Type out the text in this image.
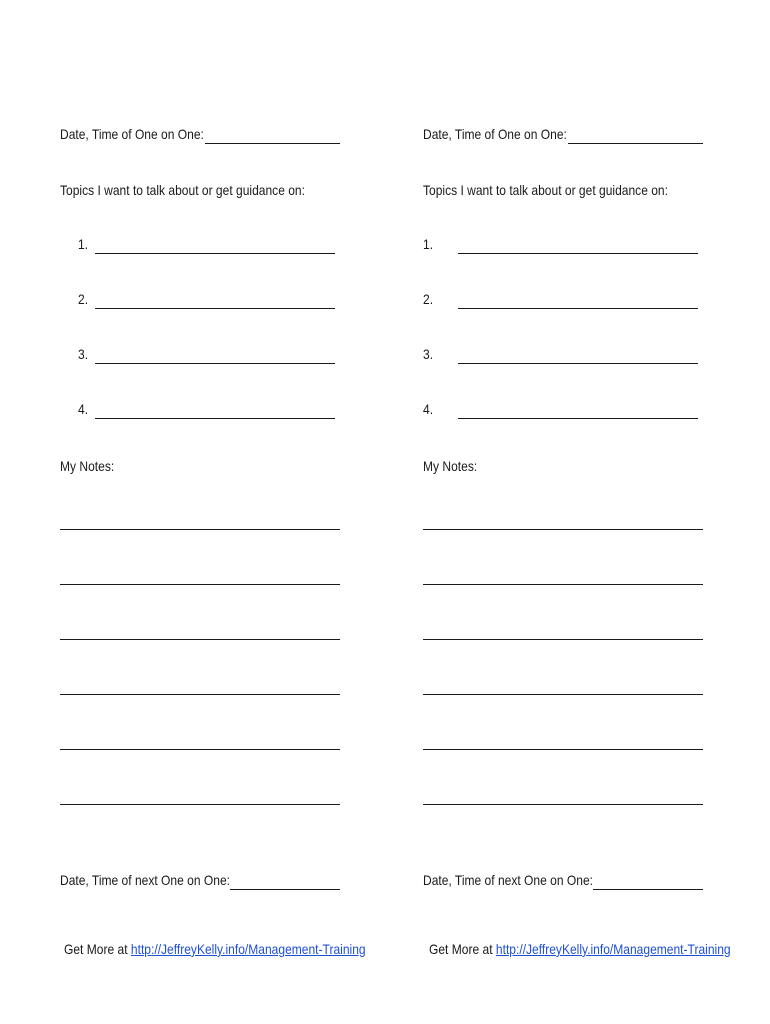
Date, Time of One on One:
Topics I want to talk about or get guidance on:
1.
2.
3.
4.
My Notes:
Date, Time of next One on One:
Get More at http://JeffreyKelly.info/Management-Training
Date, Time of One on One:
Topics I want to talk about or get guidance on:
1.
2.
3.
4.
My Notes:
Date, Time of next One on One:
Get More at http://JeffreyKelly.info/Management-Training
